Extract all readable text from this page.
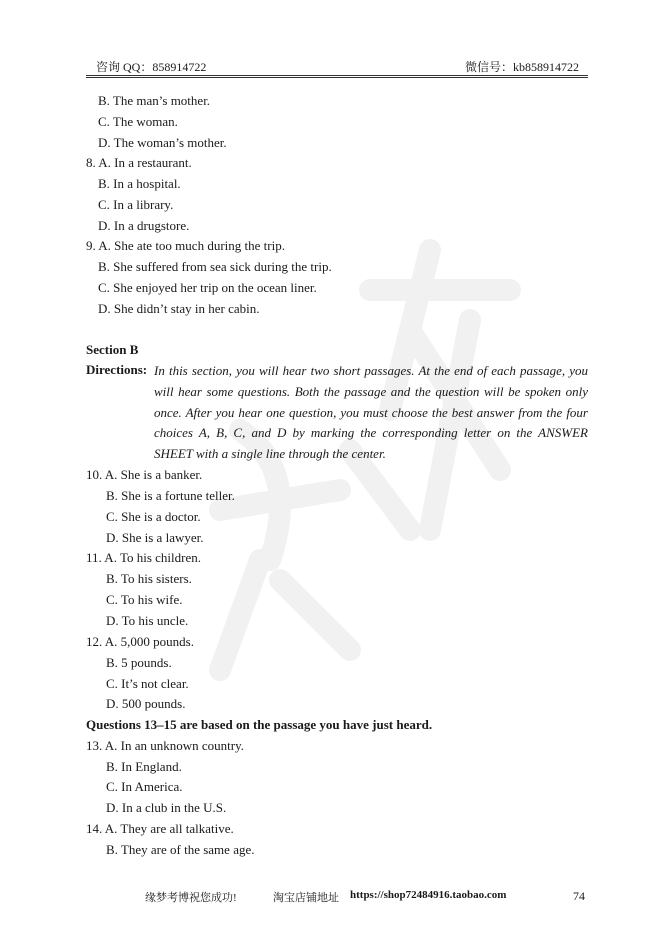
咨询 QQ：858914722	微信号：kb858914722
B. The man’s mother.
C. The woman.
D. The woman’s mother.
8. A. In a restaurant.
B. In a hospital.
C. In a library.
D. In a drugstore.
9. A. She ate too much during the trip.
B. She suffered from sea sick during the trip.
C. She enjoyed her trip on the ocean liner.
D. She didn’t stay in her cabin.
Section B
Directions: In this section, you will hear two short passages. At the end of each passage, you will hear some questions. Both the passage and the question will be spoken only once. After you hear one question, you must choose the best answer from the four choices A, B, C, and D by marking the corresponding letter on the ANSWER SHEET with a single line through the center.
10. A. She is a banker.
B. She is a fortune teller.
C. She is a doctor.
D. She is a lawyer.
11. A. To his children.
B. To his sisters.
C. To his wife.
D. To his uncle.
12. A. 5,000 pounds.
B. 5 pounds.
C. It’s not clear.
D. 500 pounds.
Questions 13–15 are based on the passage you have just heard.
13. A. In an unknown country.
B. In England.
C. In America.
D. In a club in the U.S.
14. A. They are all talkative.
B. They are of the same age.
缘梦考博祝您成功!	淘宝店铺地址 https://shop72484916.taobao.com	74
